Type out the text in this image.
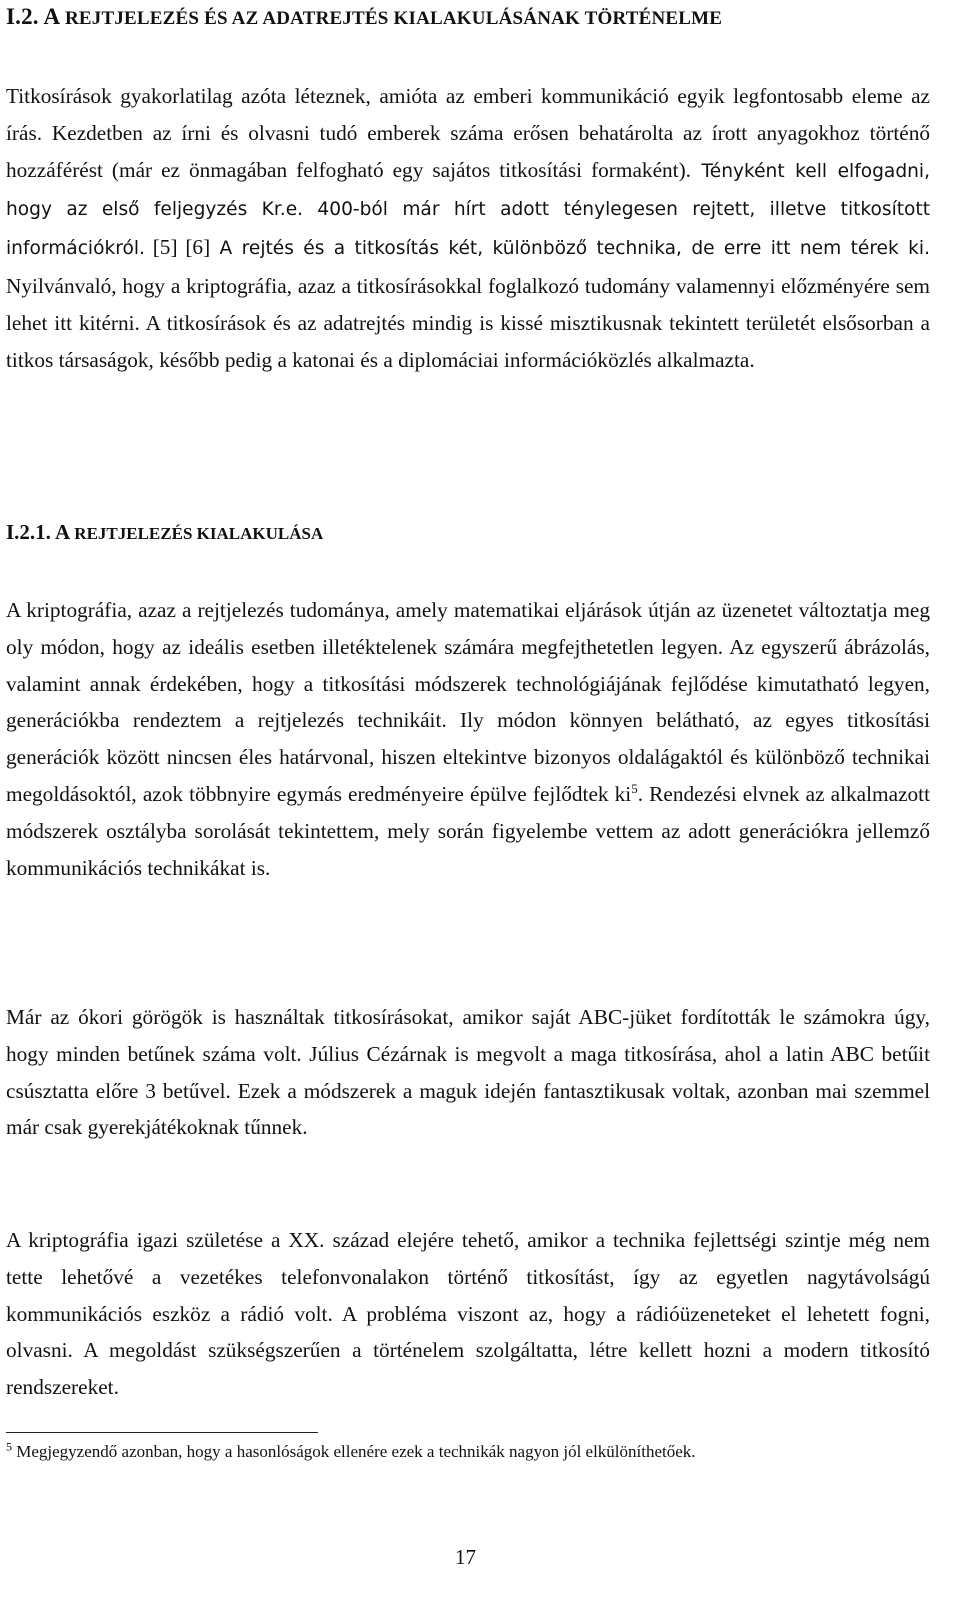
I.2. A REJTJELEZÉS ÉS AZ ADATREJTÉS KIALAKULÁSÁNAK TÖRTÉNELME

Titkosírások gyakorlatilag azóta léteznek, amióta az emberi kommunikáció egyik legfontosabb eleme az írás. Kezdetben az írni és olvasni tudó emberek száma erősen behatárolta az írott anyagokhoz történő hozzáférést (már ez önmagában felfogható egy sajátos titkosítási formaként). Tényként kell elfogadni, hogy az első feljegyzés Kr.e. 400-ból már hírt adott ténylegesen rejtett, illetve titkosított információkról. [5] [6] A rejtés és a titkosítás két, különböző technika, de erre itt nem térek ki. Nyilvánvaló, hogy a kriptográfia, azaz a titkosírásokkal foglalkozó tudomány valamennyi előzményére sem lehet itt kitérni. A titkosírások és az adatrejtés mindig is kissé misztikusnak tekintett területét elsősorban a titkos társaságok, később pedig a katonai és a diplomáciai információközlés alkalmazta.

I.2.1. A REJTJELEZÉS KIALAKULÁSA

A kriptográfia, azaz a rejtjelezés tudománya, amely matematikai eljárások útján az üzenetet változtatja meg oly módon, hogy az ideális esetben illetéktelenek számára megfejthetetlen legyen. Az egyszerű ábrázolás, valamint annak érdekében, hogy a titkosítási módszerek technológiájának fejlődése kimutatható legyen, generációkba rendeztem a rejtjelezés technikáit. Ily módon könnyen belátható, az egyes titkosítási generációk között nincsen éles határvonal, hiszen eltekintve bizonyos oldalágaktól és különböző technikai megoldásoktól, azok többnyire egymás eredményeire épülve fejlődtek $ki^5$. Rendezési elvnek az alkalmazott módszerek osztályba sorolását tekintettem, mely során figyelembe vettem az adott generációkra jellemző kommunikációs technikákat is.

Már az ókori görögök is használtak titkosírásokat, amikor saját ABC-jüket fordították le számokra úgy, hogy minden betűnek száma volt. Július Cézárnak is megvolt a maga titkosírása, ahol a latin ABC betűit csúsztatta előre 3 betűvel. Ezek a módszerek a maguk idején fantasztikusak voltak, azonban mai szemmel már csak gyerekjátékoknak tűnnek.

A kriptográfia igazi születése a XX. század elejére tehető, amikor a technika fejlettségi szintje még nem tette lehetővé a vezetékes telefonvonalakon történő titkosítást, így az egyetlen nagytávolságú kommunikációs eszköz a rádió volt. A probléma viszont az, hogy a rádióüzeneteket el lehetett fogni, olvasni. A megoldást szükségszerűen a történelem szolgáltatta, létre kellett hozni a modern titkosító rendszereket.

$^5$ Megjegyzendő azonban, hogy a hasonlóságok ellenére ezek a technikák nagyon jól elkülöníthetőek.
17
